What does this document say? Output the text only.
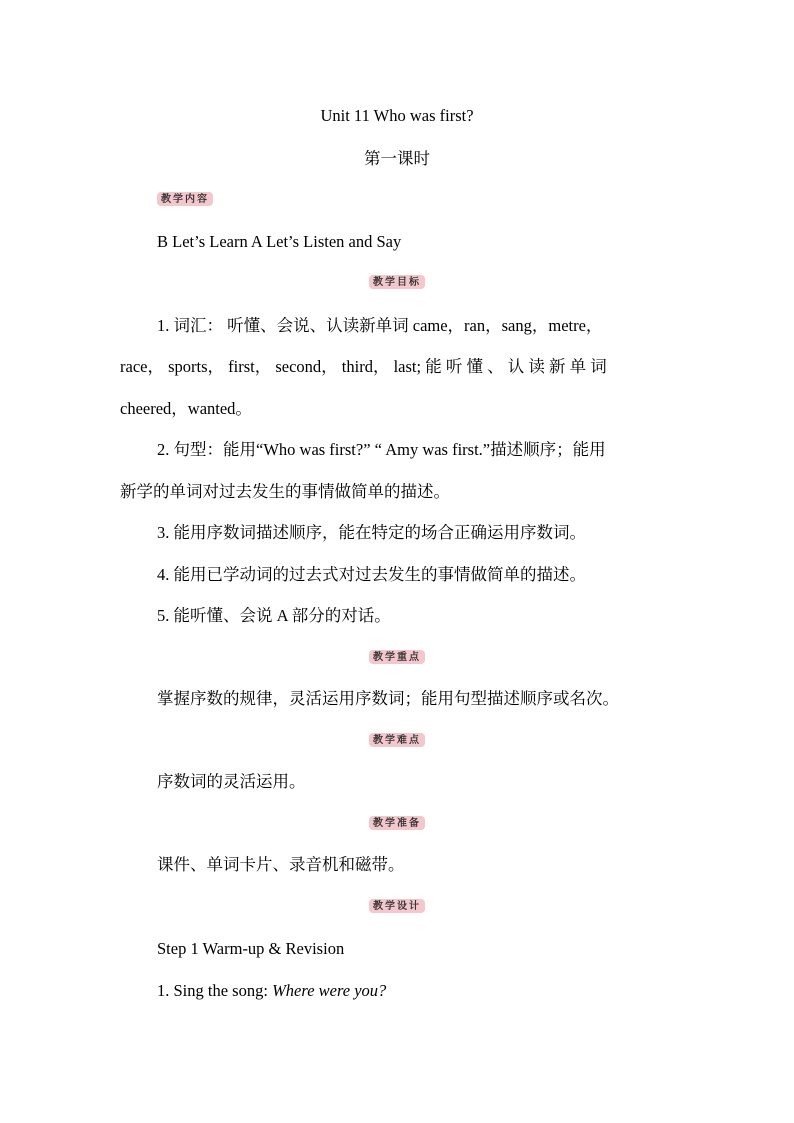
Unit 11 Who was first?
第一课时
教学内容
B Let’s Learn A Let’s Listen and Say
教学目标
1. 词汇： 听懂、会说、认读新单词 came，ran，sang，metre，
race， sports， first， second， third， last; 能 听 懂 、 认 读 新 单 词
cheered，wanted。
2. 句型：能用“Who was first?” “ Amy was first.”描述顺序；能用
新学的单词对过去发生的事情做简单的描述。
3. 能用序数词描述顺序，能在特定的场合正确运用序数词。
4. 能用已学动词的过去式对过去发生的事情做简单的描述。
5. 能听懂、会说 A 部分的对话。
教学重点
掌握序数的规律，灵活运用序数词；能用句型描述顺序或名次。
教学难点
序数词的灵活运用。
教学准备
课件、单词卡片、录音机和磁带。
教学设计
Step 1 Warm-up & Revision
1. Sing the song: Where were you?
